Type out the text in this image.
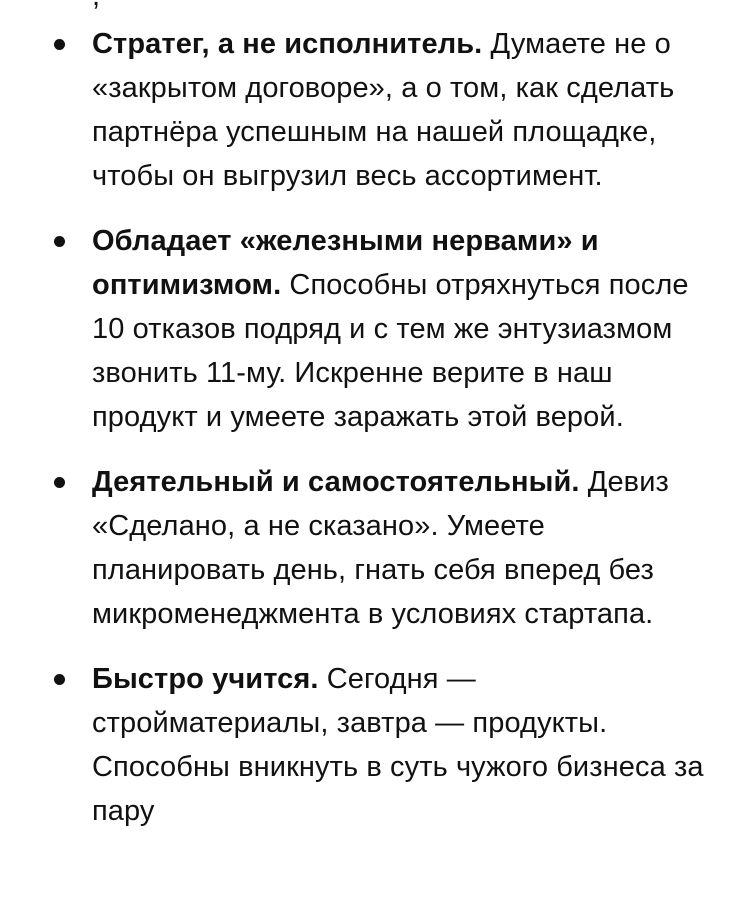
Стратег, а не исполнитель. Думаете не о «закрытом договоре», а о том, как сделать партнёра успешным на нашей площадке, чтобы он выгрузил весь ассортимент.
Обладает «железными нервами» и оптимизмом. Способны отряхнуться после 10 отказов подряд и с тем же энтузиазмом звонить 11-му. Искренне верите в наш продукт и умеете заражать этой верой.
Деятельный и самостоятельный. Девиз «Сделано, а не сказано». Умеете планировать день, гнать себя вперед без микроменеджмента в условиях стартапа.
Быстро учится. Сегодня — стройматериалы, завтра — продукты. Способны вникнуть в суть чужого бизнеса за пару
